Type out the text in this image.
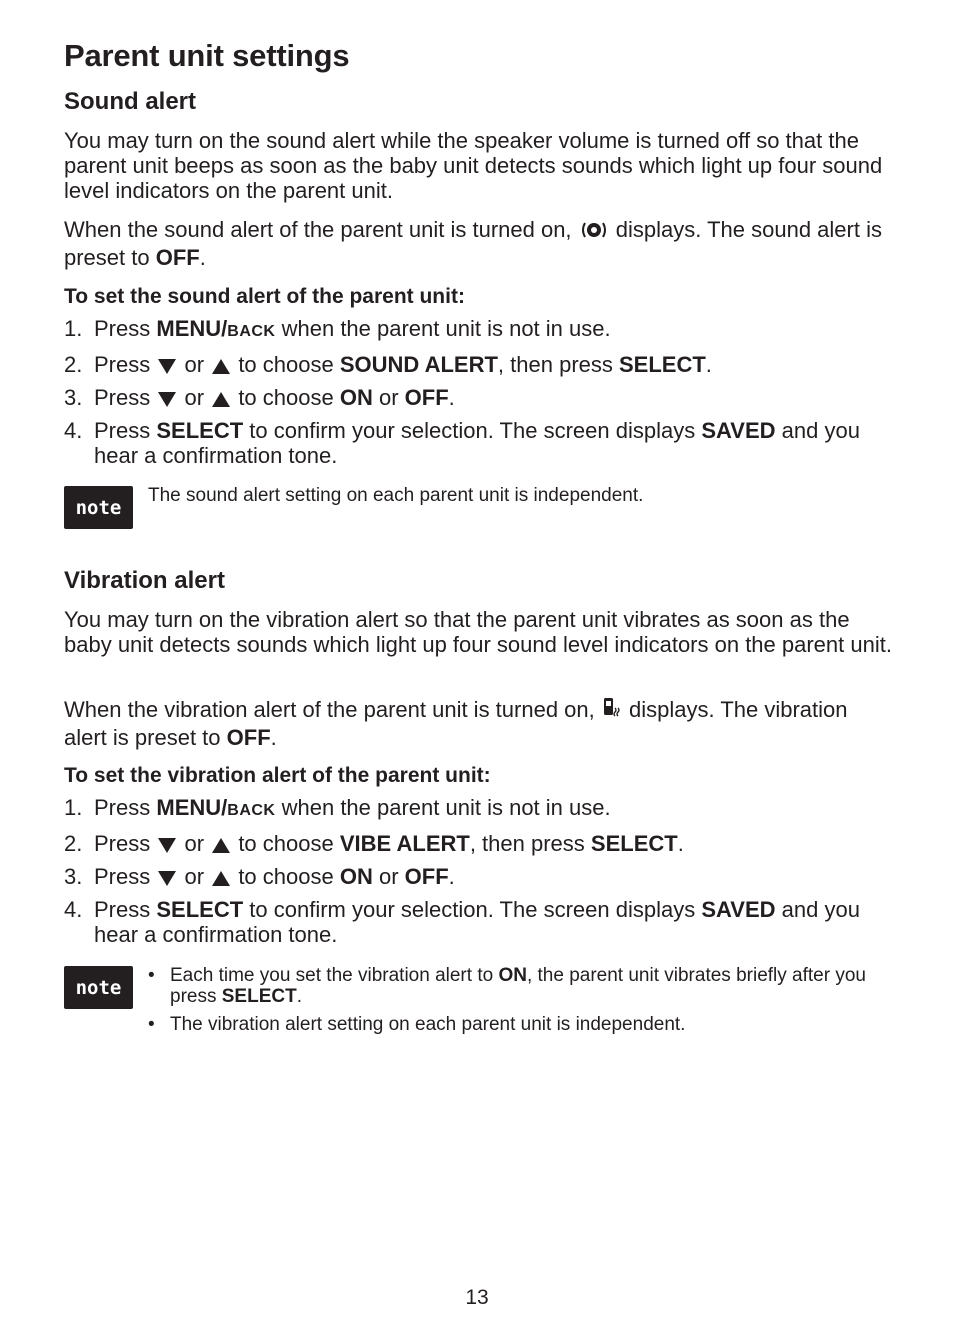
Parent unit settings
Sound alert

You may turn on the sound alert while the speaker volume is turned off so that the parent unit beeps as soon as the baby unit detects sounds which light up four sound level indicators on the parent unit.

When the sound alert of the parent unit is turned on, displays. The sound alert is preset to OFF.

To set the sound alert of the parent unit:
1. Press MENU/BACK when the parent unit is not in use.
2. Press or to choose SOUND ALERT, then press SELECT.
3. Press or to choose ON or OFF.
4. Press SELECT to confirm your selection. The screen displays SAVED and you hear a confirmation tone.
note

The sound alert setting on each parent unit is independent.

Vibration alert

You may turn on the vibration alert so that the parent unit vibrates as soon as the baby unit detects sounds which light up four sound level indicators on the parent unit.

When the vibration alert of the parent unit is turned on, displays. The vibration alert is preset to OFF.

To set the vibration alert of the parent unit:
1. Press MENU/BACK when the parent unit is not in use.
2. Press or to choose VIBE ALERT, then press SELECT.
3. Press or to choose ON or OFF.
4. Press SELECT to confirm your selection. The screen displays SAVED and you hear a confirmation tone.
note
• Each time you set the vibration alert to ON, the parent unit vibrates briefly after you press SELECT.
• The vibration alert setting on each parent unit is independent.
13
